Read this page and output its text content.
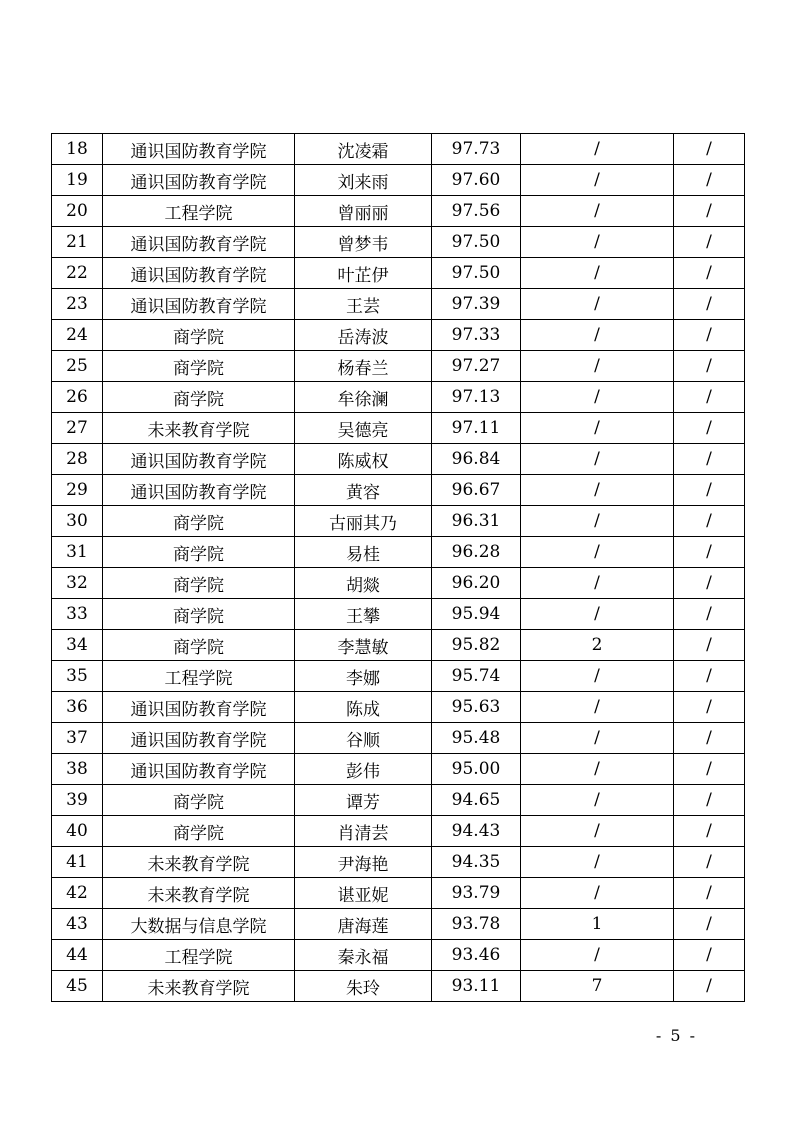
18	通识国防教育学院	沈凌霜	97.73	/	/
19	通识国防教育学院	刘来雨	97.60	/	/
20	工程学院	曾丽丽	97.56	/	/
21	通识国防教育学院	曾梦韦	97.50	/	/
22	通识国防教育学院	叶芷伊	97.50	/	/
23	通识国防教育学院	王芸	97.39	/	/
24	商学院	岳涛波	97.33	/	/
25	商学院	杨春兰	97.27	/	/
26	商学院	牟徐澜	97.13	/	/
27	未来教育学院	吴德亮	97.11	/	/
28	通识国防教育学院	陈威权	96.84	/	/
29	通识国防教育学院	黄容	96.67	/	/
30	商学院	古丽其乃	96.31	/	/
31	商学院	易桂	96.28	/	/
32	商学院	胡燚	96.20	/	/
33	商学院	王攀	95.94	/	/
34	商学院	李慧敏	95.82	2	/
35	工程学院	李娜	95.74	/	/
36	通识国防教育学院	陈成	95.63	/	/
37	通识国防教育学院	谷顺	95.48	/	/
38	通识国防教育学院	彭伟	95.00	/	/
39	商学院	谭芳	94.65	/	/
40	商学院	肖清芸	94.43	/	/
41	未来教育学院	尹海艳	94.35	/	/
42	未来教育学院	谌亚妮	93.79	/	/
43	大数据与信息学院	唐海莲	93.78	1	/
44	工程学院	秦永福	93.46	/	/
45	未来教育学院	朱玲	93.11	7	/
- 5 -
